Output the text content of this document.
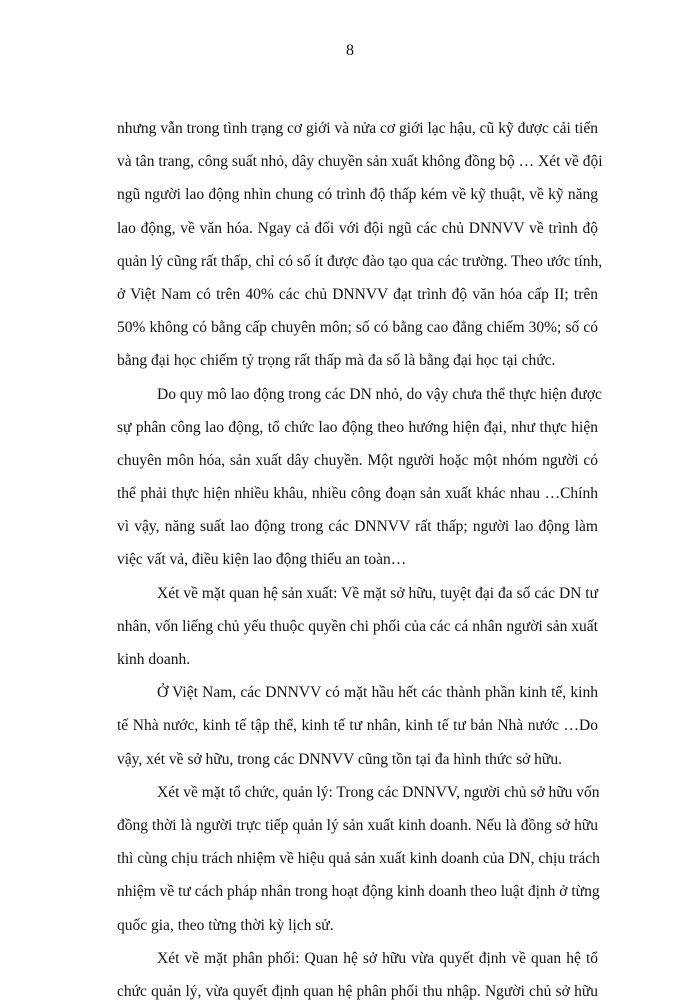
8
nhưng vẫn trong tình trạng cơ giới và nửa cơ giới lạc hậu, cũ kỹ được cải tiến
và tân trang, công suất nhỏ, dây chuyền sản xuất không đồng bộ … Xét về đội
ngũ người lao động nhìn chung có trình độ thấp kém về kỹ thuật, về kỹ năng
lao động, về văn hóa. Ngay cả đối với đội ngũ các chủ DNNVV về trình độ
quản lý cũng rất thấp, chỉ có số ít được đào tạo qua các trường. Theo ước tính,
ở Việt Nam có trên 40% các chủ DNNVV đạt trình độ văn hóa cấp II; trên
50% không có bằng cấp chuyên môn; số có bằng cao đẳng chiếm 30%; số có
bằng đại học chiếm tỷ trọng rất thấp mà đa số là bằng đại học tại chức.
Do quy mô lao động trong các DN nhỏ, do vậy chưa thể thực hiện được
sự phân công lao động, tổ chức lao động theo hướng hiện đại, như thực hiện
chuyên môn hóa, sản xuất dây chuyền. Một người hoặc một nhóm người có
thể phải thực hiện nhiều khâu, nhiều công đoạn sản xuất khác nhau …Chính
vì vậy, năng suất lao động trong các DNNVV rất thấp; người lao động làm
việc vất vả, điều kiện lao động thiếu an toàn…
Xét về mặt quan hệ sản xuất: Về mặt sở hữu, tuyệt đại đa số các DN tư
nhân, vốn liếng chủ yếu thuộc quyền chi phối của các cá nhân người sản xuất
kinh doanh.
Ở Việt Nam, các DNNVV có mặt hầu hết các thành phần kinh tế, kinh
tế Nhà nước, kinh tế tập thể, kinh tế tư nhân, kinh tế tư bản Nhà nước …Do
vậy, xét về sở hữu, trong các DNNVV cũng tồn tại đa hình thức sở hữu.
Xét về mặt tổ chức, quản lý: Trong các DNNVV, người chủ sở hữu vốn
đồng thời là người trực tiếp quản lý sản xuất kinh doanh. Nếu là đồng sở hữu
thì cùng chịu trách nhiệm về hiệu quả sản xuất kinh doanh của DN, chịu trách
nhiệm về tư cách pháp nhân trong hoạt động kinh doanh theo luật định ở từng
quốc gia, theo từng thời kỳ lịch sử.
Xét về mặt phân phối: Quan hệ sở hữu vừa quyết định về quan hệ tổ
chức quản lý, vừa quyết định quan hệ phân phối thu nhập. Người chủ sở hữu
